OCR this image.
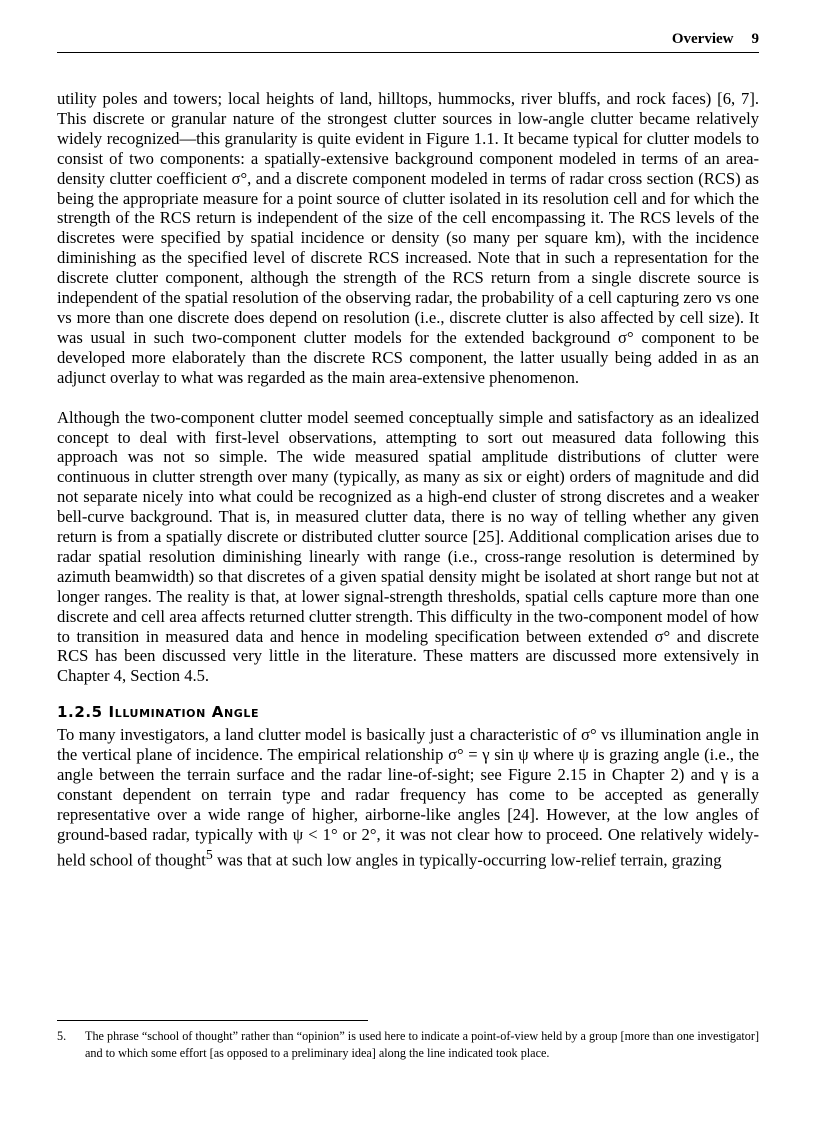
Overview 9

utility poles and towers; local heights of land, hilltops, hummocks, river bluffs, and rock faces) [6, 7]. This discrete or granular nature of the strongest clutter sources in low-angle clutter became relatively widely recognized—this granularity is quite evident in Figure 1.1. It became typical for clutter models to consist of two components: a spatially-extensive background component modeled in terms of an area-density clutter coefficient σ°, and a discrete component modeled in terms of radar cross section (RCS) as being the appropriate measure for a point source of clutter isolated in its resolution cell and for which the strength of the RCS return is independent of the size of the cell encompassing it. The RCS levels of the discretes were specified by spatial incidence or density (so many per square km), with the incidence diminishing as the specified level of discrete RCS increased. Note that in such a representation for the discrete clutter component, although the strength of the RCS return from a single discrete source is independent of the spatial resolution of the observing radar, the probability of a cell capturing zero vs one vs more than one discrete does depend on resolution (i.e., discrete clutter is also affected by cell size). It was usual in such two-component clutter models for the extended background σ° component to be developed more elaborately than the discrete RCS component, the latter usually being added in as an adjunct overlay to what was regarded as the main area-extensive phenomenon.

Although the two-component clutter model seemed conceptually simple and satisfactory as an idealized concept to deal with first-level observations, attempting to sort out measured data following this approach was not so simple. The wide measured spatial amplitude distributions of clutter were continuous in clutter strength over many (typically, as many as six or eight) orders of magnitude and did not separate nicely into what could be recognized as a high-end cluster of strong discretes and a weaker bell-curve background. That is, in measured clutter data, there is no way of telling whether any given return is from a spatially discrete or distributed clutter source [25]. Additional complication arises due to radar spatial resolution diminishing linearly with range (i.e., cross-range resolution is determined by azimuth beamwidth) so that discretes of a given spatial density might be isolated at short range but not at longer ranges. The reality is that, at lower signal-strength thresholds, spatial cells capture more than one discrete and cell area affects returned clutter strength. This difficulty in the two-component model of how to transition in measured data and hence in modeling specification between extended σ° and discrete RCS has been discussed very little in the literature. These matters are discussed more extensively in Chapter 4, Section 4.5.

1.2.5 Illumination Angle

To many investigators, a land clutter model is basically just a characteristic of σ° vs illumination angle in the vertical plane of incidence. The empirical relationship σ° = γ sin ψ where ψ is grazing angle (i.e., the angle between the terrain surface and the radar line-of-sight; see Figure 2.15 in Chapter 2) and γ is a constant dependent on terrain type and radar frequency has come to be accepted as generally representative over a wide range of higher, airborne-like angles [24]. However, at the low angles of ground-based radar, typically with ψ < 1° or 2°, it was not clear how to proceed. One relatively widely-held school of thought$^5$ was that at such low angles in typically-occurring low-relief terrain, grazing

5. The phrase “school of thought” rather than “opinion” is used here to indicate a point-of-view held by a group [more than one investigator] and to which some effort [as opposed to a preliminary idea] along the line indicated took place.
